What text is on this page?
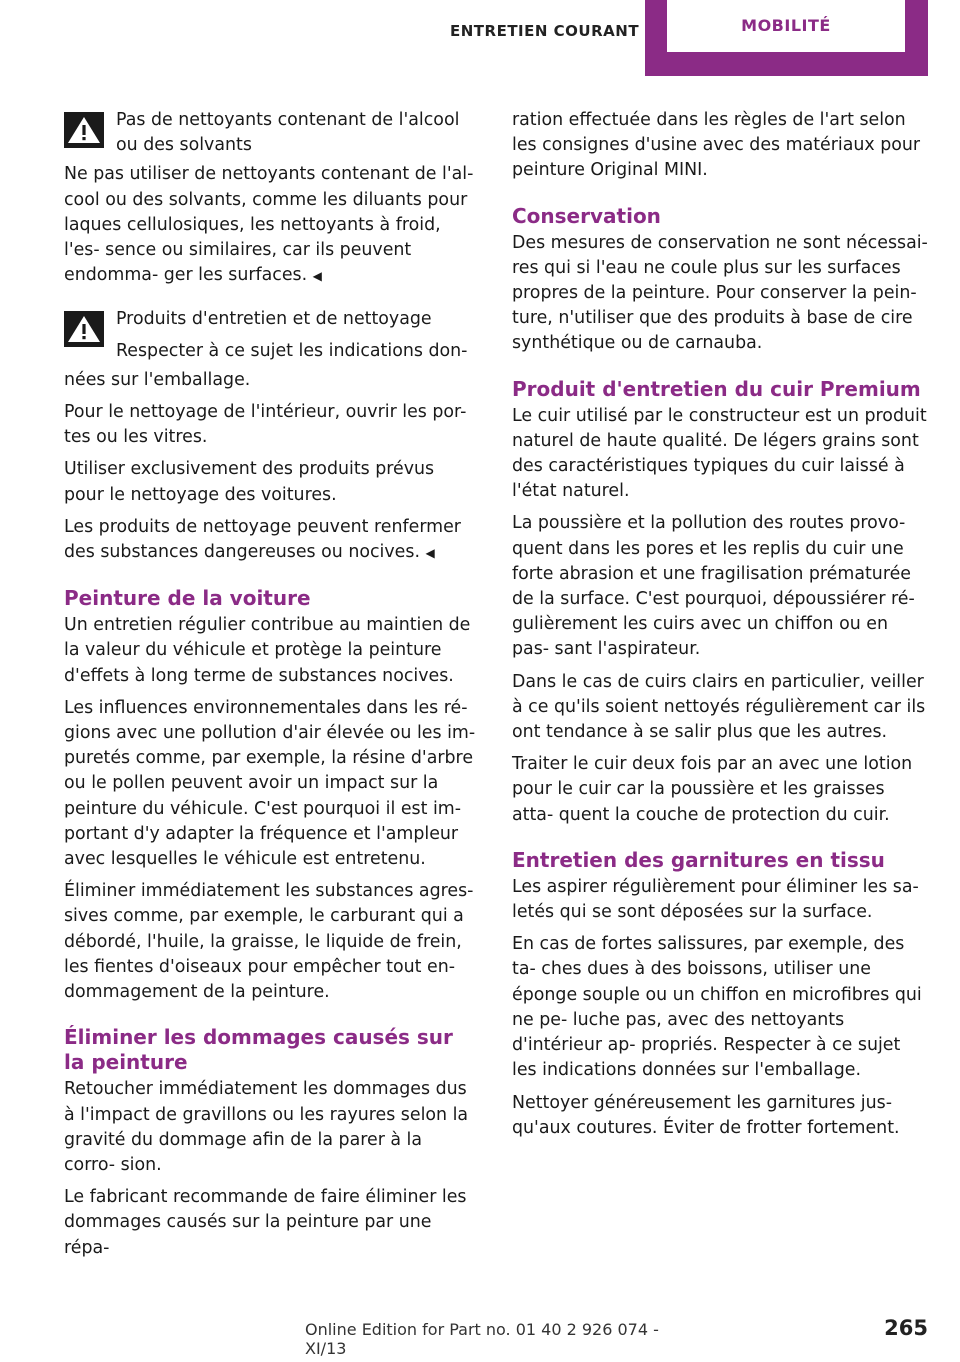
ENTRETIEN COURANT	MOBILITÉ

Pas de nettoyants contenant de l'alcool ou des solvants

Ne pas utiliser de nettoyants contenant de l'al- cool ou des solvants, comme les diluants pour laques cellulosiques, les nettoyants à froid, l'es- sence ou similaires, car ils peuvent endomma- ger les surfaces. ◀

Produits d'entretien et de nettoyage

Respecter à ce sujet les indications don-

nées sur l'emballage.

Pour le nettoyage de l'intérieur, ouvrir les por- tes ou les vitres.

Utiliser exclusivement des produits prévus pour le nettoyage des voitures.

Les produits de nettoyage peuvent renfermer des substances dangereuses ou nocives. ◀

Peinture de la voiture

Un entretien régulier contribue au maintien de la valeur du véhicule et protège la peinture d'effets à long terme de substances nocives.

Les influences environnementales dans les ré- gions avec une pollution d'air élevée ou les im- puretés comme, par exemple, la résine d'arbre ou le pollen peuvent avoir un impact sur la peinture du véhicule. C'est pourquoi il est im- portant d'y adapter la fréquence et l'ampleur avec lesquelles le véhicule est entretenu.

Éliminer immédiatement les substances agres- sives comme, par exemple, le carburant qui a débordé, l'huile, la graisse, le liquide de frein, les fientes d'oiseaux pour empêcher tout en- dommagement de la peinture.

Éliminer les dommages causés sur la peinture

Retoucher immédiatement les dommages dus à l'impact de gravillons ou les rayures selon la gravité du dommage afin de la parer à la corro- sion.

Le fabricant recommande de faire éliminer les dommages causés sur la peinture par une répa-

ration effectuée dans les règles de l'art selon les consignes d'usine avec des matériaux pour peinture Original MINI.

Conservation

Des mesures de conservation ne sont nécessai- res qui si l'eau ne coule plus sur les surfaces propres de la peinture. Pour conserver la pein- ture, n'utiliser que des produits à base de cire synthétique ou de carnauba.

Produit d'entretien du cuir Premium

Le cuir utilisé par le constructeur est un produit naturel de haute qualité. De légers grains sont des caractéristiques typiques du cuir laissé à l'état naturel.

La poussière et la pollution des routes provo- quent dans les pores et les replis du cuir une forte abrasion et une fragilisation prématurée de la surface. C'est pourquoi, dépoussiérer ré- gulièrement les cuirs avec un chiffon ou en pas- sant l'aspirateur.

Dans le cas de cuirs clairs en particulier, veiller à ce qu'ils soient nettoyés régulièrement car ils ont tendance à se salir plus que les autres.

Traiter le cuir deux fois par an avec une lotion pour le cuir car la poussière et les graisses atta- quent la couche de protection du cuir.

Entretien des garnitures en tissu

Les aspirer régulièrement pour éliminer les sa- letés qui se sont déposées sur la surface.

En cas de fortes salissures, par exemple, des ta- ches dues à des boissons, utiliser une éponge souple ou un chiffon en microfibres qui ne pe- luche pas, avec des nettoyants d'intérieur ap- propriés. Respecter à ce sujet les indications données sur l'emballage.

Nettoyer généreusement les garnitures jus- qu'aux coutures. Éviter de frotter fortement.

Online Edition for Part no. 01 40 2 926 074 - XI/13
265
